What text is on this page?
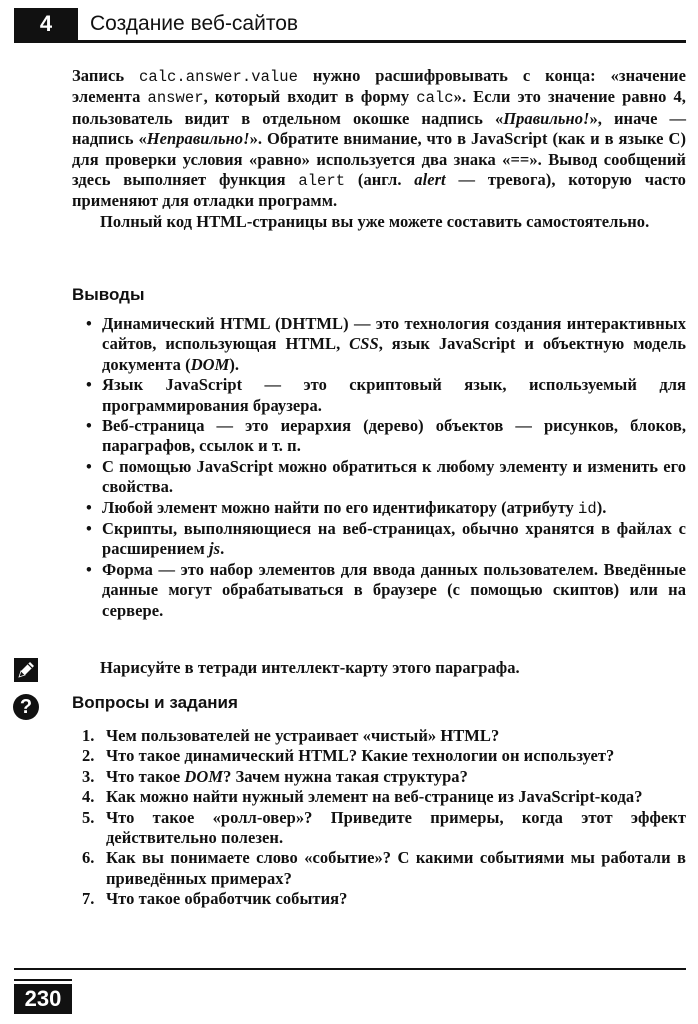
4	Создание веб-сайтов

Запись calc.answer.value нужно расшифровывать с конца: «значение элемента answer, который входит в форму calc». Если это значение равно 4, пользователь видит в отдельном окошке надпись «Правильно!», иначе — надпись «Неправильно!». Обратите внимание, что в JavaScript (как и в языке С) для проверки условия «равно» используется два знака «==». Вывод сообщений здесь выполняет функция alert (англ. alert — тревога), которую часто применяют для отладки программ.

Полный код HTML-страницы вы уже можете составить самостоятельно.

Выводы
• Динамический HTML (DHTML) — это технология создания интерактивных сайтов, использующая HTML, CSS, язык JavaScript и объектную модель документа (DOM).
• Язык JavaScript — это скриптовый язык, используемый для программирования браузера.
• Веб-страница — это иерархия (дерево) объектов — рисунков, блоков, параграфов, ссылок и т. п.
• С помощью JavaScript можно обратиться к любому элементу и изменить его свойства.
• Любой элемент можно найти по его идентификатору (атрибуту id).
• Скрипты, выполняющиеся на веб-страницах, обычно хранятся в файлах с расширением js.
• Форма — это набор элементов для ввода данных пользователем. Введённые данные могут обрабатываться в браузере (с помощью скиптов) или на сервере.

Нарисуйте в тетради интеллект-карту этого параграфа.

?	Вопросы и задания
1. Чем пользователей не устраивает «чистый» HTML?
2. Что такое динамический HTML? Какие технологии он использует?
3. Что такое DOM? Зачем нужна такая структура?
4. Как можно найти нужный элемент на веб-странице из JavaScript-кода?
5. Что такое «ролл-овер»? Приведите примеры, когда этот эффект действительно полезен.
6. Как вы понимаете слово «событие»? С какими событиями мы работали в приведённых примерах?
7. Что такое обработчик события?
230
